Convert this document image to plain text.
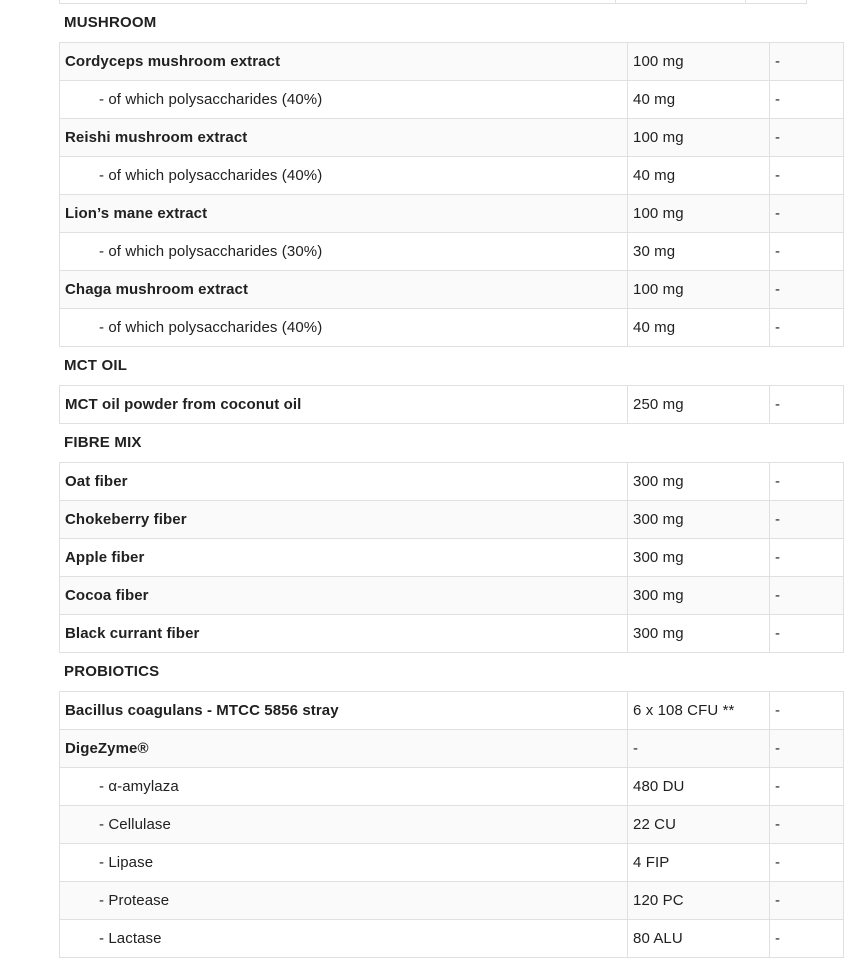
MUSHROOM
Cordyceps mushroom extract	100 mg	-
- of which polysaccharides (40%)	40 mg	-
Reishi mushroom extract	100 mg	-
- of which polysaccharides (40%)	40 mg	-
Lion’s mane extract	100 mg	-
- of which polysaccharides (30%)	30 mg	-
Chaga mushroom extract	100 mg	-
- of which polysaccharides (40%)	40 mg	-
MCT OIL
MCT oil powder from coconut oil	250 mg	-
FIBRE MIX
Oat fiber	300 mg	-
Chokeberry fiber	300 mg	-
Apple fiber	300 mg	-
Cocoa fiber	300 mg	-
Black currant fiber	300 mg	-
PROBIOTICS
Bacillus coagulans - MTCC 5856 stray	6 x 108 CFU **	-
DigeZyme®	-	-
- α-amylaza	480 DU	-
- Cellulase	22 CU	-
- Lipase	4 FIP	-
- Protease	120 PC	-
- Lactase	80 ALU	-
